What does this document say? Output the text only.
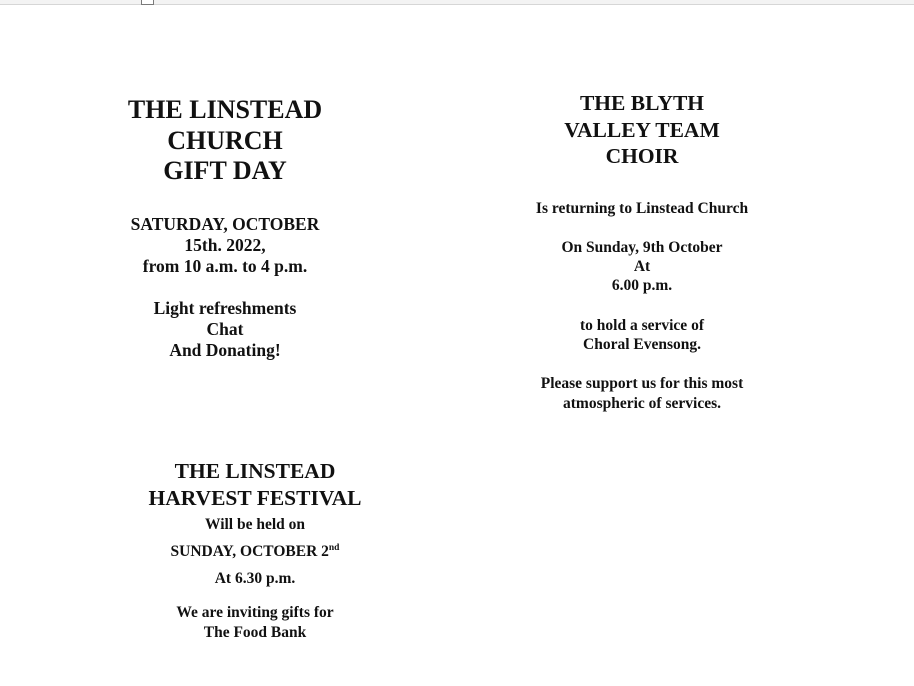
THE LINSTEAD
CHURCH
GIFT DAY
SATURDAY, OCTOBER
15th. 2022,
from 10 a.m. to 4 p.m.
Light refreshments
Chat
And Donating!
THE BLYTH
VALLEY TEAM
CHOIR
Is returning to Linstead Church
On Sunday, 9th October
At
6.00 p.m.
to hold a service of
Choral Evensong.
Please support us for this most
atmospheric of services.
THE LINSTEAD
HARVEST FESTIVAL
Will be held on
SUNDAY, OCTOBER 2nd
At 6.30 p.m.
We are inviting gifts for
The Food Bank
